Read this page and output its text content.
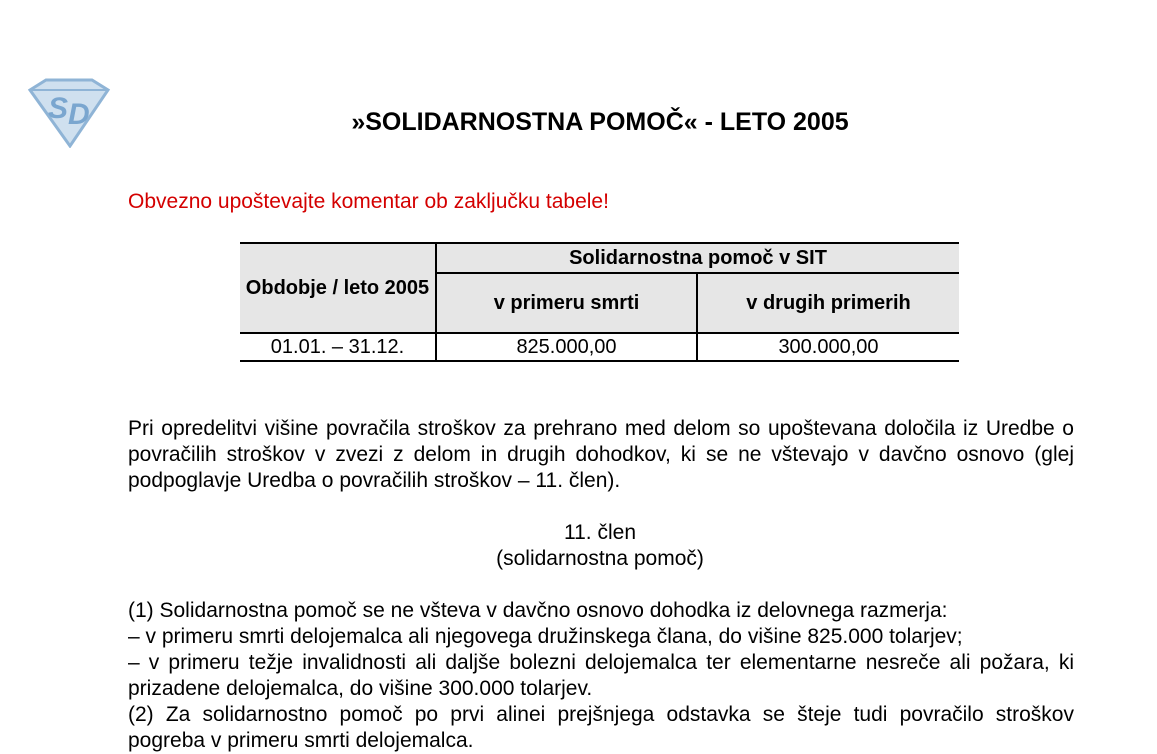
S D	»SOLIDARNOSTNA POMOČ« - LETO 2005
Obvezno upoštevajte komentar ob zaključku tabele!
Obdobje / leto 2005	Solidarnostna pomoč v SIT	
	v primeru smrti	v drugih primerih
01.01. – 31.12.	825.000,00	300.000,00
Pri opredelitvi višine povračila stroškov za prehrano med delom so upoštevana določila iz Uredbe o povračilih stroškov v zvezi z delom in drugih dohodkov, ki se ne vštevajo v davčno osnovo (glej podpoglavje Uredba o povračilih stroškov – 11. člen).
11. člen
(solidarnostna pomoč)
(1) Solidarnostna pomoč se ne všteva v davčno osnovo dohodka iz delovnega razmerja:
– v primeru smrti delojemalca ali njegovega družinskega člana, do višine 825.000 tolarjev;
– v primeru težje invalidnosti ali daljše bolezni delojemalca ter elementarne nesreče ali požara, ki prizadene delojemalca, do višine 300.000 tolarjev.
(2) Za solidarnostno pomoč po prvi alinei prejšnjega odstavka se šteje tudi povračilo stroškov pogreba v primeru smrti delojemalca.
